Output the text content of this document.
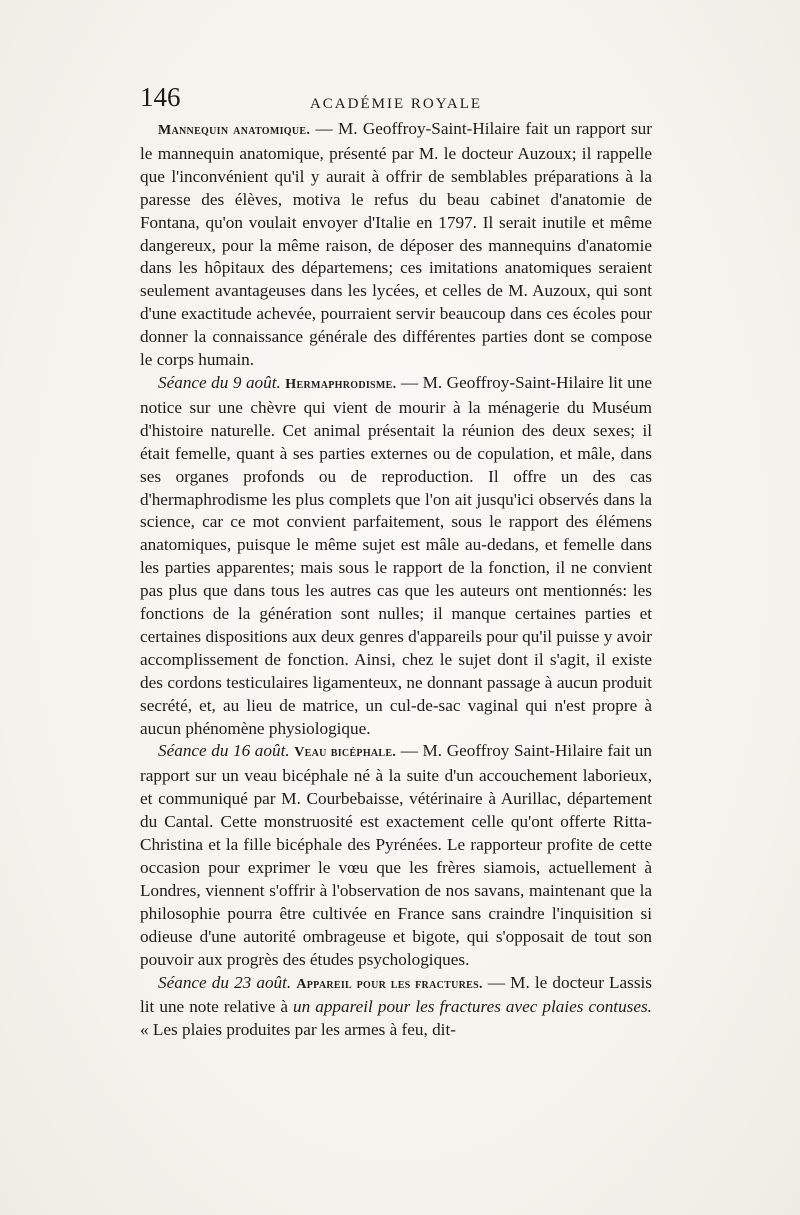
146	ACADÉMIE ROYALE

Mannequin anatomique. — M. Geoffroy-Saint-Hilaire fait un rapport sur le mannequin anatomique, présenté par M. le docteur Auzoux; il rappelle que l'inconvénient qu'il y aurait à offrir de semblables préparations à la paresse des élèves, motiva le refus du beau cabinet d'anatomie de Fontana, qu'on voulait envoyer d'Italie en 1797. Il serait inutile et même dangereux, pour la même raison, de déposer des mannequins d'anatomie dans les hôpitaux des départemens; ces imitations anatomiques seraient seulement avantageuses dans les lycées, et celles de M. Auzoux, qui sont d'une exactitude achevée, pourraient servir beaucoup dans ces écoles pour donner la connaissance générale des différentes parties dont se compose le corps humain.

Séance du 9 août. Hermaphrodisme. — M. Geoffroy-Saint-Hilaire lit une notice sur une chèvre qui vient de mourir à la ménagerie du Muséum d'histoire naturelle. Cet animal présentait la réunion des deux sexes; il était femelle, quant à ses parties externes ou de copulation, et mâle, dans ses organes profonds ou de reproduction. Il offre un des cas d'hermaphrodisme les plus complets que l'on ait jusqu'ici observés dans la science, car ce mot convient parfaitement, sous le rapport des élémens anatomiques, puisque le même sujet est mâle au-dedans, et femelle dans les parties apparentes; mais sous le rapport de la fonction, il ne convient pas plus que dans tous les autres cas que les auteurs ont mentionnés: les fonctions de la génération sont nulles; il manque certaines parties et certaines dispositions aux deux genres d'appareils pour qu'il puisse y avoir accomplissement de fonction. Ainsi, chez le sujet dont il s'agit, il existe des cordons testiculaires ligamenteux, ne donnant passage à aucun produit secrété, et, au lieu de matrice, un cul-de-sac vaginal qui n'est propre à aucun phénomène physiologique.

Séance du 16 août. Veau bicéphale. — M. Geoffroy Saint-Hilaire fait un rapport sur un veau bicéphale né à la suite d'un accouchement laborieux, et communiqué par M. Courbebaisse, vétérinaire à Aurillac, département du Cantal. Cette monstruosité est exactement celle qu'ont offerte Ritta-Christina et la fille bicéphale des Pyrénées. Le rapporteur profite de cette occasion pour exprimer le vœu que les frères siamois, actuellement à Londres, viennent s'offrir à l'observation de nos savans, maintenant que la philosophie pourra être cultivée en France sans craindre l'inquisition si odieuse d'une autorité ombrageuse et bigote, qui s'opposait de tout son pouvoir aux progrès des études psychologiques.

Séance du 23 août. Appareil pour les fractures. — M. le docteur Lassis lit une note relative à un appareil pour les fractures avec plaies contuses. « Les plaies produites par les armes à feu, dit-
